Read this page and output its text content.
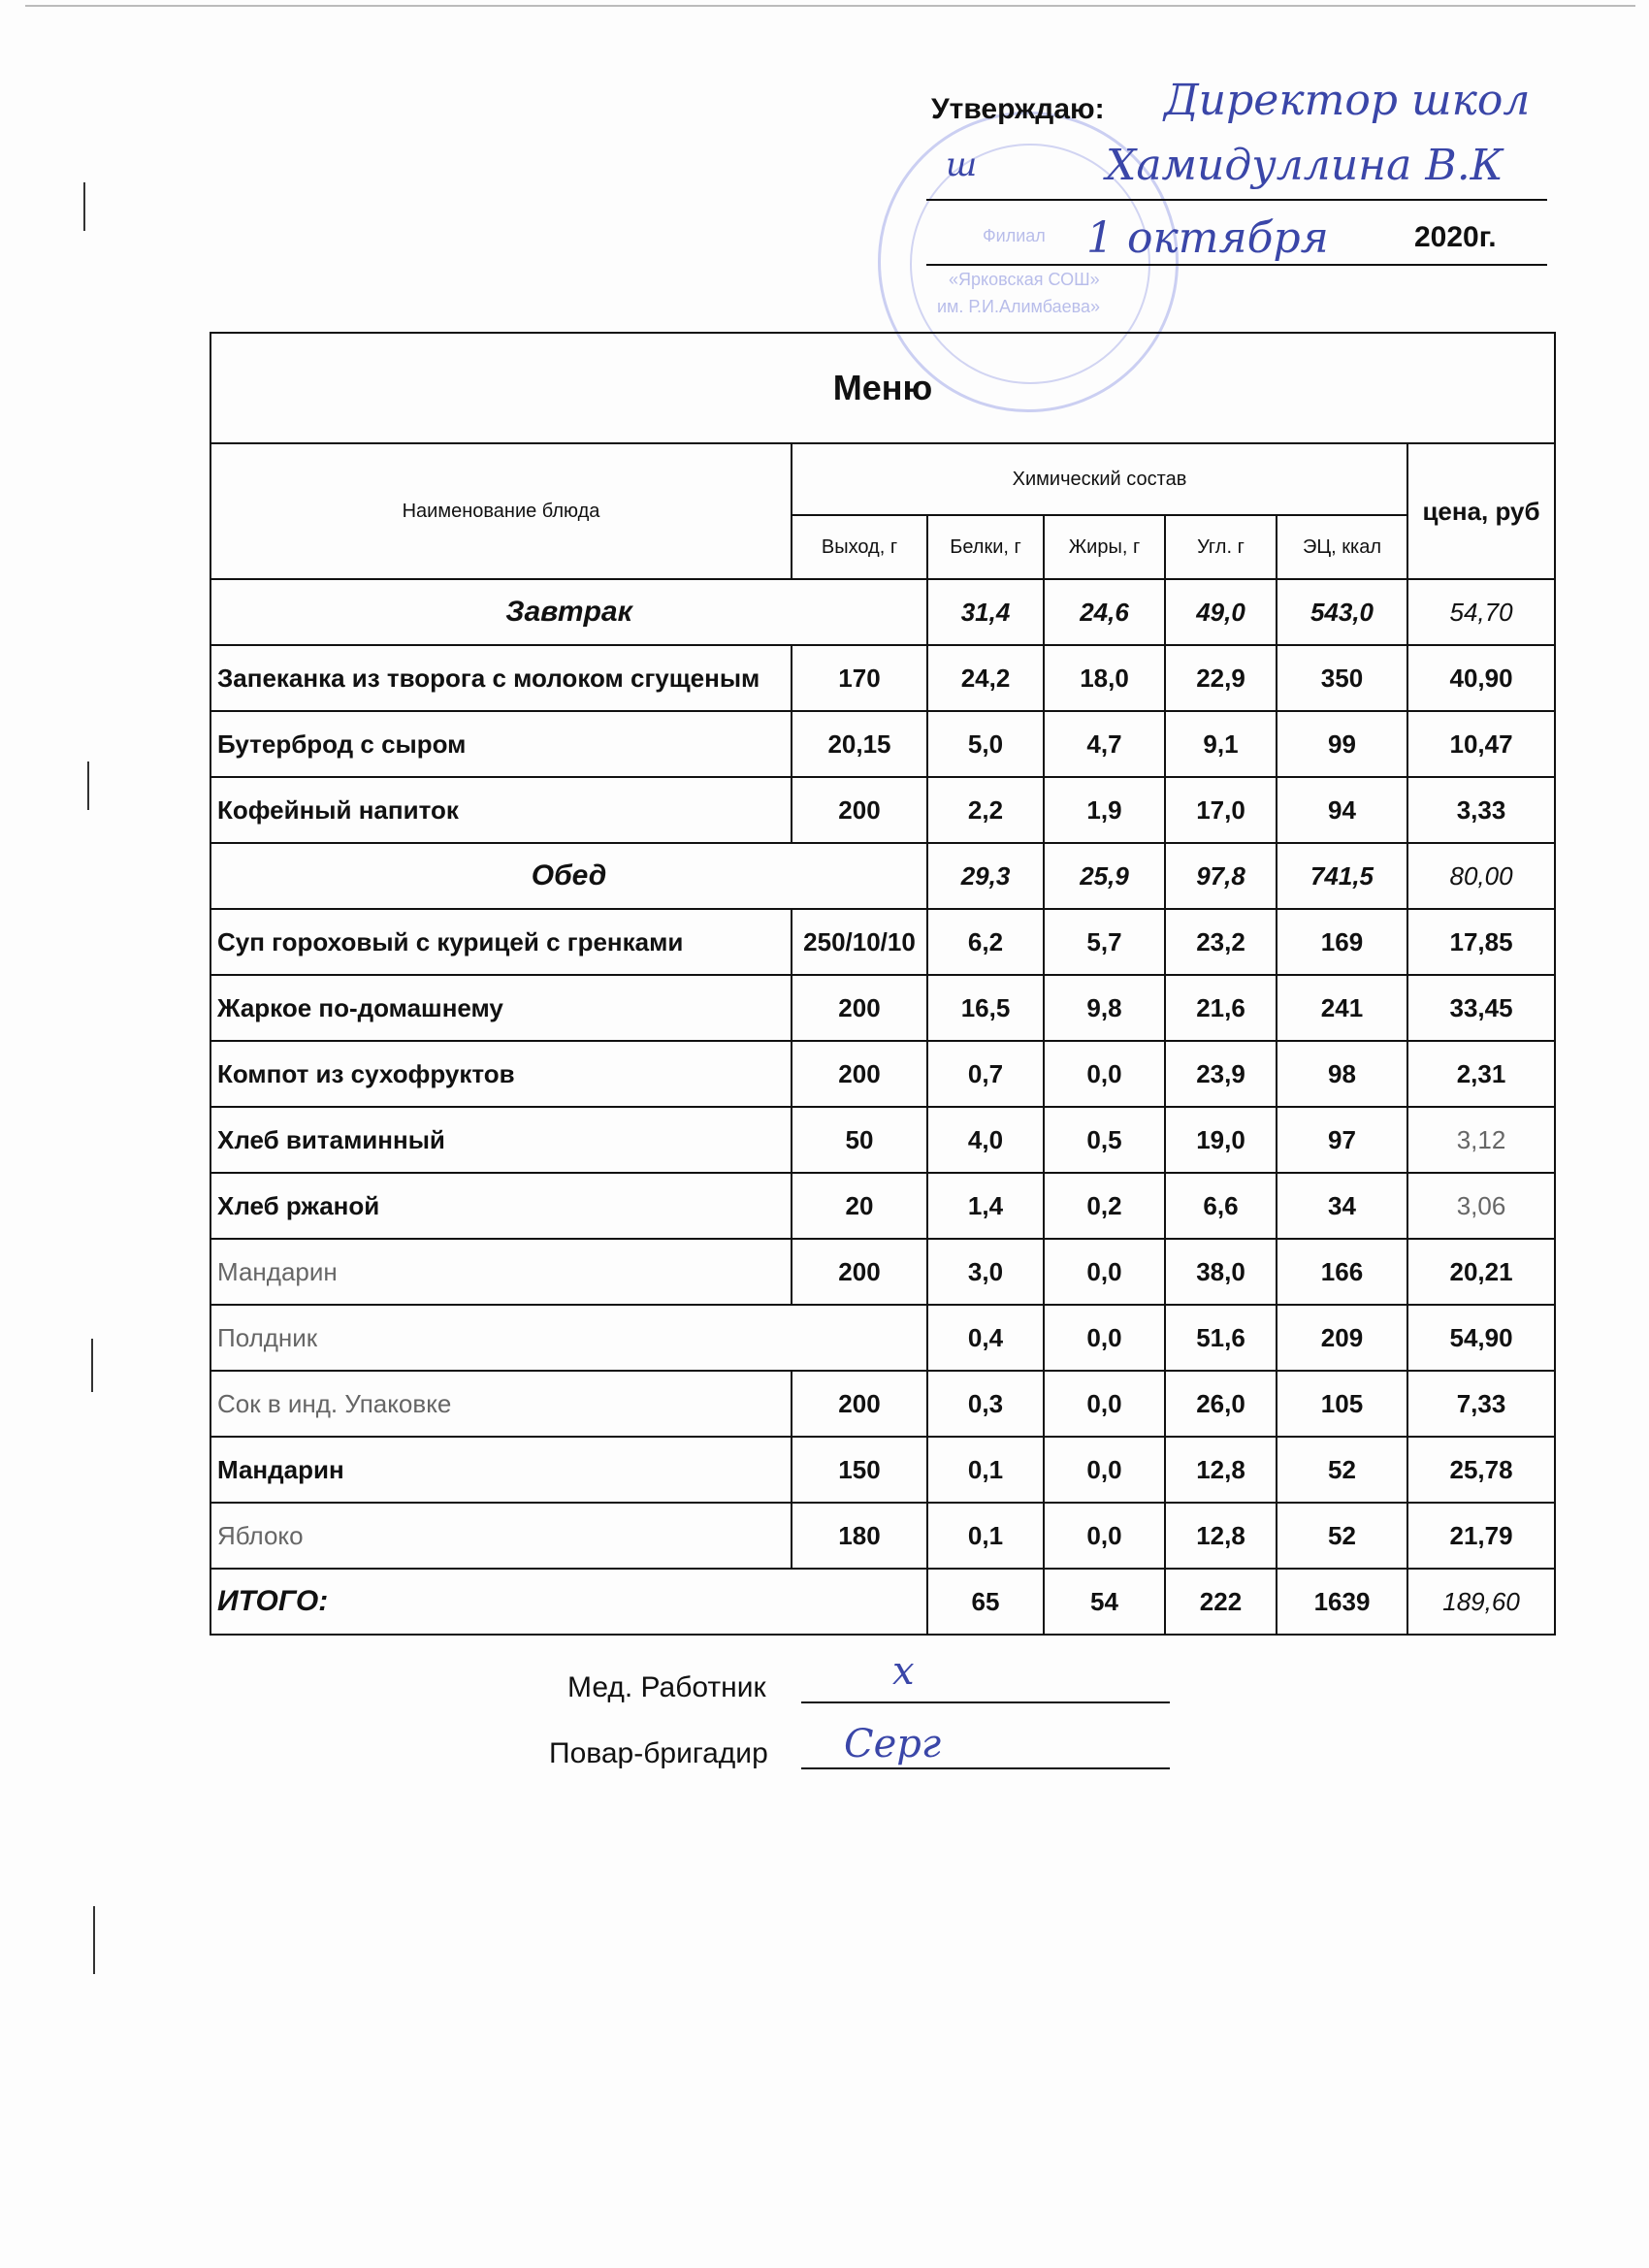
Филиал
«Ярковская СОШ»
им. Р.И.Алимбаева»
Утверждаю: Директор школ
ш	Хамидуллина В.К
1 октября	2020г.
Меню						
Наименование блюда	Химический состав					цена, руб
	Выход, г	Белки, г	Жиры, г	Угл. г	ЭЦ, ккал	
Завтрак		31,4	24,6	49,0	543,0	54,70
Запеканка из творога с молоком сгущеным	170	24,2	18,0	22,9	350	40,90
Бутерброд с сыром	20,15	5,0	4,7	9,1	99	10,47
Кофейный напиток	200	2,2	1,9	17,0	94	3,33
Обед		29,3	25,9	97,8	741,5	80,00
Суп гороховый с курицей с гренками	250/10/10	6,2	5,7	23,2	169	17,85
Жаркое по-домашнему	200	16,5	9,8	21,6	241	33,45
Компот из сухофруктов	200	0,7	0,0	23,9	98	2,31
Хлеб витаминный	50	4,0	0,5	19,0	97	3,12
Хлеб ржаной	20	1,4	0,2	6,6	34	3,06
Мандарин	200	3,0	0,0	38,0	166	20,21
Полдник		0,4	0,0	51,6	209	54,90
Сок в инд. Упаковке	200	0,3	0,0	26,0	105	7,33
Мандарин	150	0,1	0,0	12,8	52	25,78
Яблоко	180	0,1	0,0	12,8	52	21,79
ИТОГО:		65	54	222	1639	189,60
Мед. Работник	х
Повар-бригадир Серг
